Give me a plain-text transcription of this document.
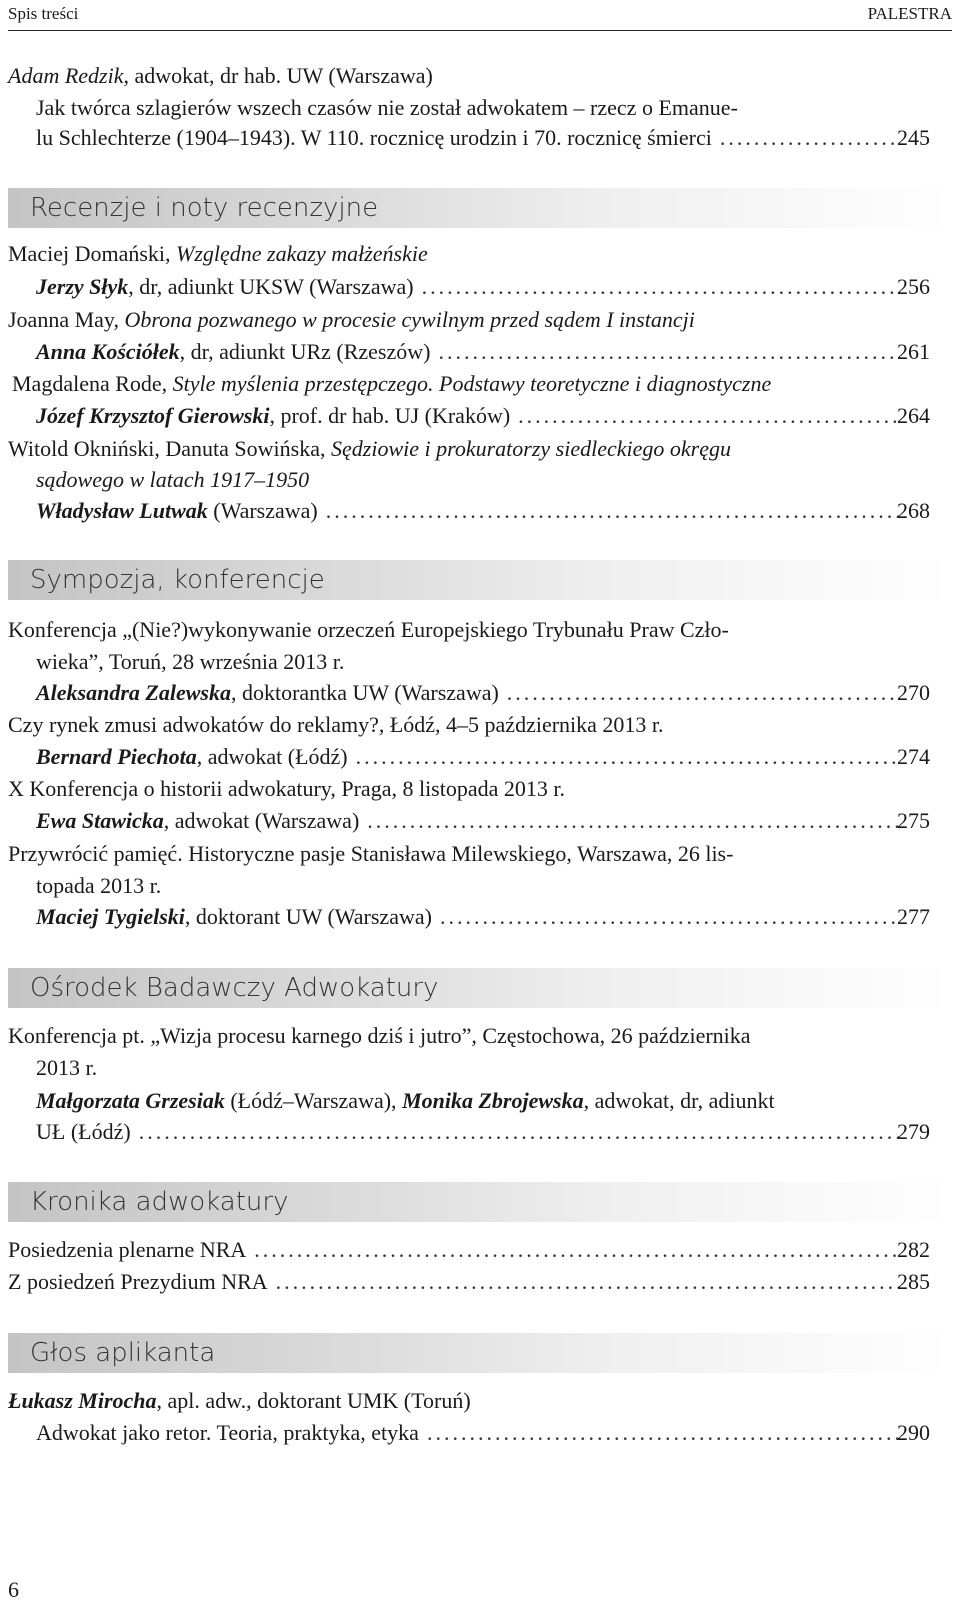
Spis treści	PALESTRA
Adam Redzik, adwokat, dr hab. UW (Warszawa)
Jak twórca szlagierów wszech czasów nie został adwokatem – rzecz o Emanue-
lu Schlechterze (1904–1943). W 110. rocznicę urodzin i 70. rocznicę śmierci .....	245
Recenzje i noty recenzyjne
Maciej Domański, Względne zakazy małżeńskie
Jerzy Słyk, dr, adiunkt UKSW (Warszawa) .....	256
Joanna May, Obrona pozwanego w procesie cywilnym przed sądem I instancji
Anna Kościółek, dr, adiunkt URz (Rzeszów) .....	261
Magdalena Rode, Style myślenia przestępczego. Podstawy teoretyczne i diagnostyczne
Józef Krzysztof Gierowski, prof. dr hab. UJ (Kraków) .....	264
Witold Okniński, Danuta Sowińska, Sędziowie i prokuratorzy siedleckiego okręgu
sądowego w latach 1917–1950
Władysław Lutwak (Warszawa) .....	268
Sympozja, konferencje
Konferencja „(Nie?)wykonywanie orzeczeń Europejskiego Trybunału Praw Czło-
wieka”, Toruń, 28 września 2013 r.
Aleksandra Zalewska, doktorantka UW (Warszawa) .....	270
Czy rynek zmusi adwokatów do reklamy?, Łódź, 4–5 października 2013 r.
Bernard Piechota, adwokat (Łódź) .....	274
X Konferencja o historii adwokatury, Praga, 8 listopada 2013 r.
Ewa Stawicka, adwokat (Warszawa) .....	275
Przywrócić pamięć. Historyczne pasje Stanisława Milewskiego, Warszawa, 26 lis-
topada 2013 r.
Maciej Tygielski, doktorant UW (Warszawa) .....	277
Ośrodek Badawczy Adwokatury
Konferencja pt. „Wizja procesu karnego dziś i jutro”, Częstochowa, 26 października
2013 r.
Małgorzata Grzesiak (Łódź–Warszawa), Monika Zbrojewska, adwokat, dr, adiunkt
UŁ (Łódź) .....	279
Kronika adwokatury
Posiedzenia plenarne NRA .....	282
Z posiedzeń Prezydium NRA .....	285
Głos aplikanta
Łukasz Mirocha, apl. adw., doktorant UMK (Toruń)
Adwokat jako retor. Teoria, praktyka, etyka .....	290
6
